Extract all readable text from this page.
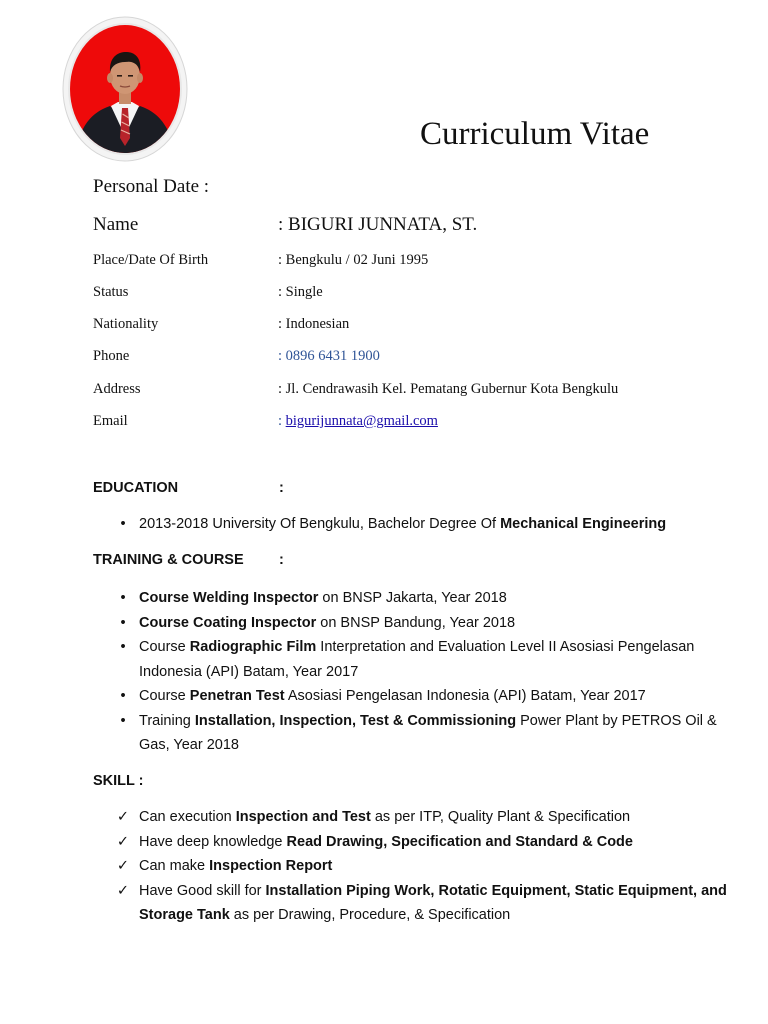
Curriculum Vitae
Personal Date :
Name	: BIGURI JUNNATA, ST.
Place/Date Of Birth	: Bengkulu / 02 Juni 1995
Status	: Single
Nationality	: Indonesian
Phone	: 0896 6431 1900
Address	: Jl. Cendrawasih Kel. Pematang Gubernur Kota Bengkulu
Email	: bigurijunnata@gmail.com
EDUCATION	:
• 2013-2018 University Of Bengkulu, Bachelor Degree Of Mechanical Engineering
TRAINING & COURSE :
• Course Welding Inspector on BNSP Jakarta, Year 2018
• Course Coating Inspector on BNSP Bandung, Year 2018
• Course Radiographic Film Interpretation and Evaluation Level II Asosiasi Pengelasan Indonesia (API) Batam, Year 2017
• Course Penetran Test Asosiasi Pengelasan Indonesia (API) Batam, Year 2017
• Training Installation, Inspection, Test & Commissioning Power Plant by PETROS Oil & Gas, Year 2018
SKILL :
✓ Can execution Inspection and Test as per ITP, Quality Plant & Specification
✓ Have deep knowledge Read Drawing, Specification and Standard & Code
✓ Can make Inspection Report
✓ Have Good skill for Installation Piping Work, Rotatic Equipment, Static Equipment, and Storage Tank as per Drawing, Procedure, & Specification
